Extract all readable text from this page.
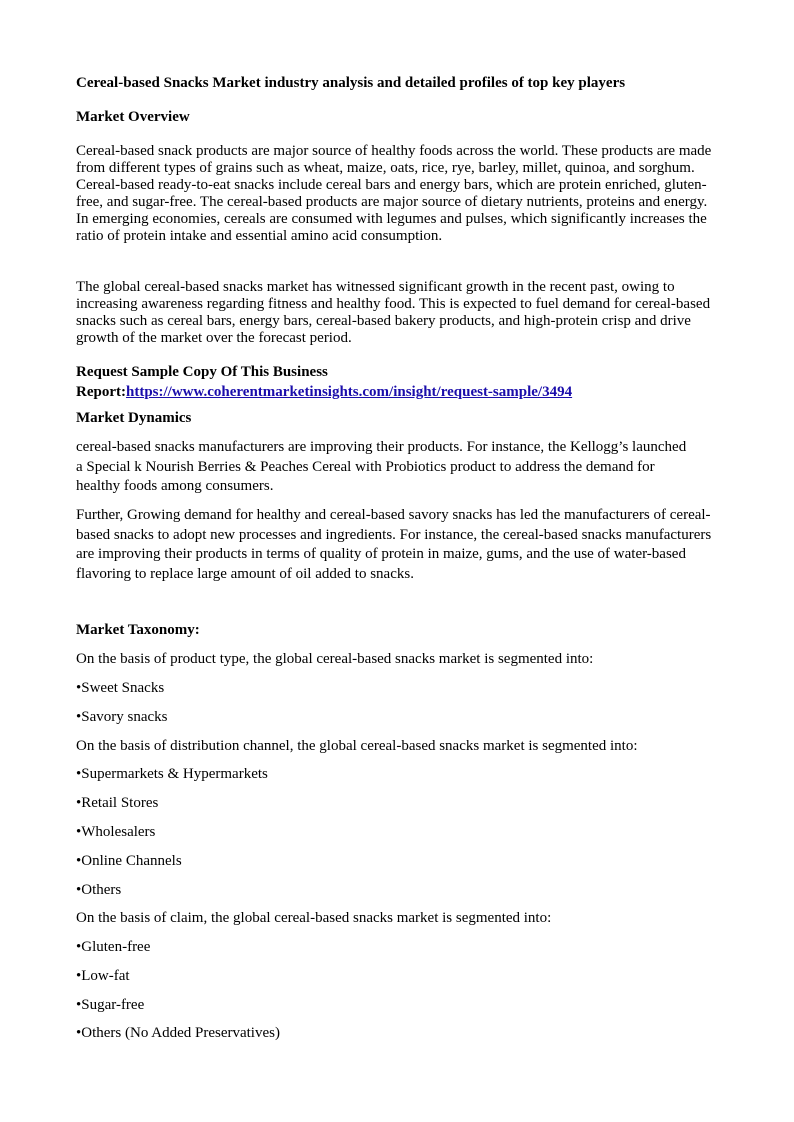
Cereal-based Snacks Market industry analysis and detailed profiles of top key players

Market Overview

Cereal-based snack products are major source of healthy foods across the world. These products are made from different types of grains such as wheat, maize, oats, rice, rye, barley, millet, quinoa, and sorghum. Cereal-based ready-to-eat snacks include cereal bars and energy bars, which are protein enriched, gluten-free, and sugar-free. The cereal-based products are major source of dietary nutrients, proteins and energy. In emerging economies, cereals are consumed with legumes and pulses, which significantly increases the ratio of protein intake and essential amino acid consumption.

The global cereal-based snacks market has witnessed significant growth in the recent past, owing to increasing awareness regarding fitness and healthy food. This is expected to fuel demand for cereal-based snacks such as cereal bars, energy bars, cereal-based bakery products, and high-protein crisp and drive growth of the market over the forecast period.

Request Sample Copy Of This Business
Report:https://www.coherentmarketinsights.com/insight/request-sample/3494

Market Dynamics

cereal-based snacks manufacturers are improving their products. For instance, the Kellogg’s launched a Special k Nourish Berries & Peaches Cereal with Probiotics product to address the demand for healthy foods among consumers.

Further, Growing demand for healthy and cereal-based savory snacks has led the manufacturers of cereal-based snacks to adopt new processes and ingredients. For instance, the cereal-based snacks manufacturers are improving their products in terms of quality of protein in maize, gums, and the use of water-based flavoring to replace large amount of oil added to snacks.

Market Taxonomy:

On the basis of product type, the global cereal-based snacks market is segmented into:

•Sweet Snacks

•Savory snacks

On the basis of distribution channel, the global cereal-based snacks market is segmented into:

•Supermarkets & Hypermarkets

•Retail Stores

•Wholesalers

•Online Channels

•Others

On the basis of claim, the global cereal-based snacks market is segmented into:

•Gluten-free

•Low-fat

•Sugar-free

•Others (No Added Preservatives)
